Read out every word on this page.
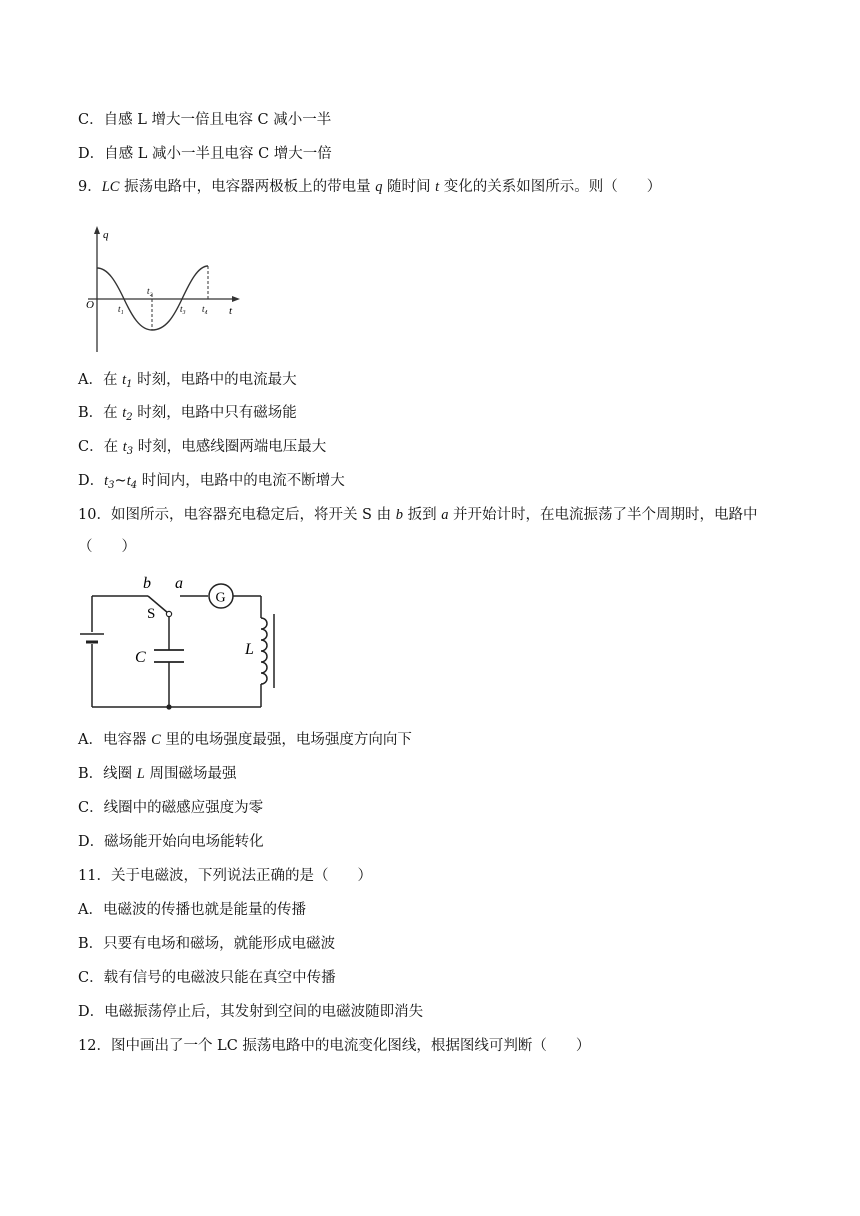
C．自感 L 增大一倍且电容 C 减小一半
D．自感 L 减小一半且电容 C 增大一倍
9．LC 振荡电路中，电容器两极板上的带电量 q 随时间 t 变化的关系如图所示。则（　　）
q
t
O	t₁
t₂
t₃ t₄
A．在 $t_1$ 时刻，电路中的电流最大
B．在 $t_2$ 时刻，电路中只有磁场能
C．在 $t_3$ 时刻，电感线圈两端电压最大
D．$t_3\sim t_4$ 时间内，电路中的电流不断增大
10．如图所示，电容器充电稳定后，将开关 S 由 b 扳到 a 并开始计时，在电流振荡了半个周期时，电路中
（　　）
b a
S
G
C	L
A．电容器 C 里的电场强度最强，电场强度方向向下
B．线圈 L 周围磁场最强
C．线圈中的磁感应强度为零
D．磁场能开始向电场能转化
11．关于电磁波，下列说法正确的是（　　）
A．电磁波的传播也就是能量的传播
B．只要有电场和磁场，就能形成电磁波
C．载有信号的电磁波只能在真空中传播
D．电磁振荡停止后，其发射到空间的电磁波随即消失
12．图中画出了一个 LC 振荡电路中的电流变化图线，根据图线可判断（　　）
